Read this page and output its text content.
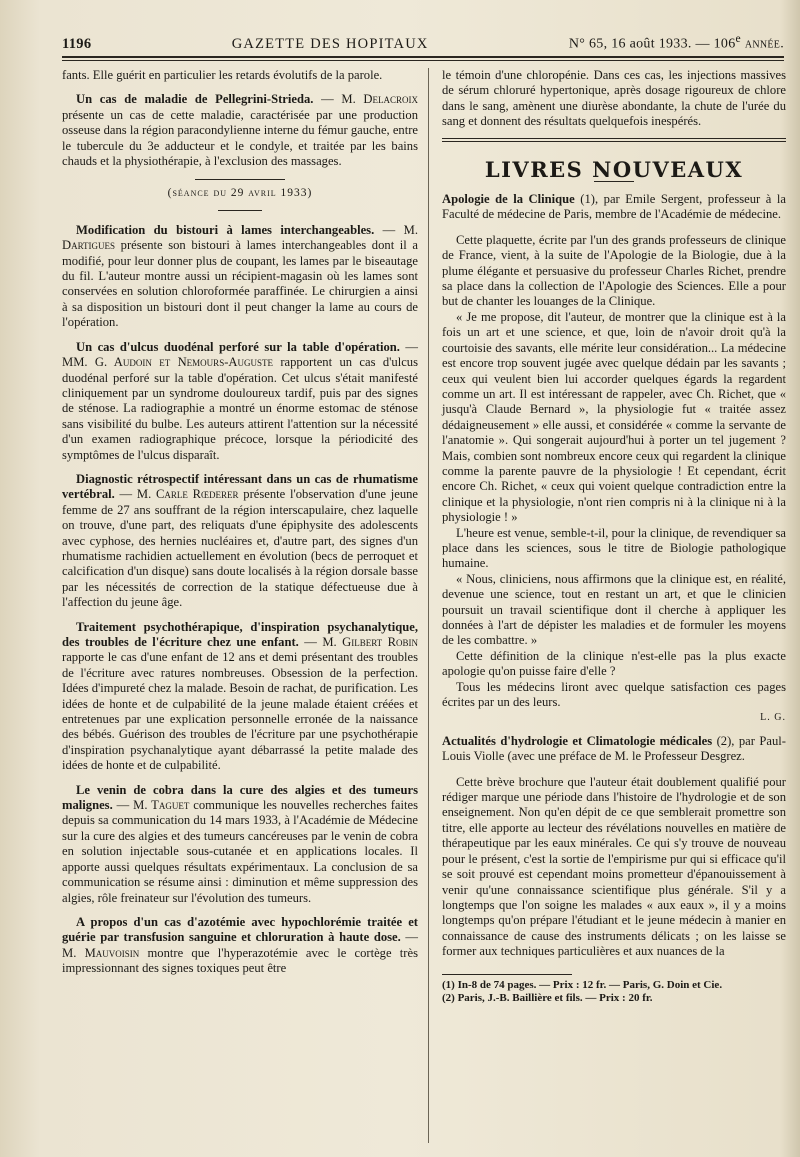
1196	GAZETTE DES HOPITAUX	N° 65, 16 août 1933. — 106e année.

fants. Elle guérit en particulier les retards évolutifs de la parole.

Un cas de maladie de Pellegrini-Strieda. — M. Delacroix présente un cas de cette maladie, caractérisée par une production osseuse dans la région paracondylienne interne du fémur gauche, entre le tubercule du 3e adducteur et le condyle, et traitée par les bains chauds et la physiothérapie, à l'exclusion des massages.

(séance du 29 avril 1933)

Modification du bistouri à lames interchangeables. — M. Dartigues présente son bistouri à lames interchangeables dont il a modifié, pour leur donner plus de coupant, les lames par le biseautage du fil. L'auteur montre aussi un récipient-magasin où les lames sont conservées en solution chloroformée paraffinée. Le chirurgien a ainsi à sa disposition un bistouri dont il peut changer la lame au cours de l'opération.

Un cas d'ulcus duodénal perforé sur la table d'opération. — MM. G. Audoin et Nemours-Auguste rapportent un cas d'ulcus duodénal perforé sur la table d'opération. Cet ulcus s'était manifesté cliniquement par un syndrome douloureux tardif, puis par des signes de sténose. La radiographie a montré un énorme estomac de sténose sans visibilité du bulbe. Les auteurs attirent l'attention sur la nécessité d'un examen radiographique précoce, lorsque la périodicité des symptômes de l'ulcus disparaît.

Diagnostic rétrospectif intéressant dans un cas de rhumatisme vertébral. — M. Carle Rœderer présente l'observation d'une jeune femme de 27 ans souffrant de la région interscapulaire, chez laquelle on trouve, d'une part, des reliquats d'une épiphysite des adolescents avec cyphose, des hernies nucléaires et, d'autre part, des signes d'un rhumatisme rachidien actuellement en évolution (becs de perroquet et calcification d'un disque) sans doute localisés à la région dorsale basse par les nécessités de correction de la statique défectueuse due à l'affection du jeune âge.

Traitement psychothérapique, d'inspiration psychanalytique, des troubles de l'écriture chez une enfant. — M. Gilbert Robin rapporte le cas d'une enfant de 12 ans et demi présentant des troubles de l'écriture avec ratures nombreuses. Obsession de la perfection. Idées d'impureté chez la malade. Besoin de rachat, de purification. Les idées de honte et de culpabilité de la jeune malade étaient créées et entretenues par une explication personnelle erronée de la naissance des bébés. Guérison des troubles de l'écriture par une psychothérapie d'inspiration psychanalytique ayant débarrassé la petite malade des idées de honte et de culpabilité.

Le venin de cobra dans la cure des algies et des tumeurs malignes. — M. Taguet communique les nouvelles recherches faites depuis sa communication du 14 mars 1933, à l'Académie de Médecine sur la cure des algies et des tumeurs cancéreuses par le venin de cobra en solution injectable sous-cutanée et en applications locales. Il apporte aussi quelques résultats expérimentaux. La conclusion de sa communication se résume ainsi : diminution et même suppression des algies, rôle freinateur sur l'évolution des tumeurs.

A propos d'un cas d'azotémie avec hypochlorémie traitée et guérie par transfusion sanguine et chloruration à haute dose. — M. Mauvoisin montre que l'hyperazotémie avec le cortège très impressionnant des signes toxiques peut être

le témoin d'une chloropénie. Dans ces cas, les injections massives de sérum chloruré hypertonique, après dosage rigoureux de chlore dans le sang, amènent une diurèse abondante, la chute de l'urée du sang et donnent des résultats quelquefois inespérés.

LIVRES NOUVEAUX

Apologie de la Clinique (1), par Emile Sergent, professeur à la Faculté de médecine de Paris, membre de l'Académie de médecine.

Cette plaquette, écrite par l'un des grands professeurs de clinique de France, vient, à la suite de l'Apologie de la Biologie, due à la plume élégante et persuasive du professeur Charles Richet, prendre sa place dans la collection de l'Apologie des Sciences. Elle a pour but de chanter les louanges de la Clinique.

« Je me propose, dit l'auteur, de montrer que la clinique est à la fois un art et une science, et que, loin de n'avoir droit qu'à la courtoisie des savants, elle mérite leur considération... La médecine est encore trop souvent jugée avec quelque dédain par les savants ; ceux qui veulent bien lui accorder quelques égards la regardent comme un art. Il est intéressant de rappeler, avec Ch. Richet, que « jusqu'à Claude Bernard », la physiologie fut « traitée assez dédaigneusement » elle aussi, et considérée « comme la servante de l'anatomie ». Qui songerait aujourd'hui à porter un tel jugement ? Mais, combien sont nombreux encore ceux qui regardent la clinique comme la parente pauvre de la physiologie ! Et cependant, écrit encore Ch. Richet, « ceux qui voient quelque contradiction entre la clinique et la physiologie, n'ont rien compris ni à la clinique ni à la physiologie ! »

L'heure est venue, semble-t-il, pour la clinique, de revendiquer sa place dans les sciences, sous le titre de Biologie pathologique humaine.

« Nous, cliniciens, nous affirmons que la clinique est, en réalité, devenue une science, tout en restant un art, et que le clinicien poursuit un travail scientifique dont il cherche à appliquer les données à l'art de dépister les maladies et de formuler les moyens de les combattre. »

Cette définition de la clinique n'est-elle pas la plus exacte apologie qu'on puisse faire d'elle ?

Tous les médecins liront avec quelque satisfaction ces pages écrites par un des leurs.

L. G.

Actualités d'hydrologie et Climatologie médicales (2), par Paul-Louis Violle (avec une préface de M. le Professeur Desgrez.

Cette brève brochure que l'auteur était doublement qualifié pour rédiger marque une période dans l'histoire de l'hydrologie et de son enseignement. Non qu'en dépit de ce que semblerait promettre son titre, elle apporte au lecteur des révélations nouvelles en matière de thérapeutique par les eaux minérales. Ce qui s'y trouve de nouveau pour le présent, c'est la sortie de l'empirisme pur qui si efficace qu'il se soit prouvé est cependant moins prometteur d'épanouissement à venir qu'une connaissance scientifique plus générale. S'il y a longtemps que l'on soigne les malades « aux eaux », il y a moins longtemps qu'on prépare l'étudiant et le jeune médecin à manier en connaissance de cause des instruments délicats ; on les laisse se former aux techniques particulières et aux nuances de la

(1) In-8 de 74 pages. — Prix : 12 fr. — Paris, G. Doin et Cie.

(2) Paris, J.-B. Baillière et fils. — Prix : 20 fr.
